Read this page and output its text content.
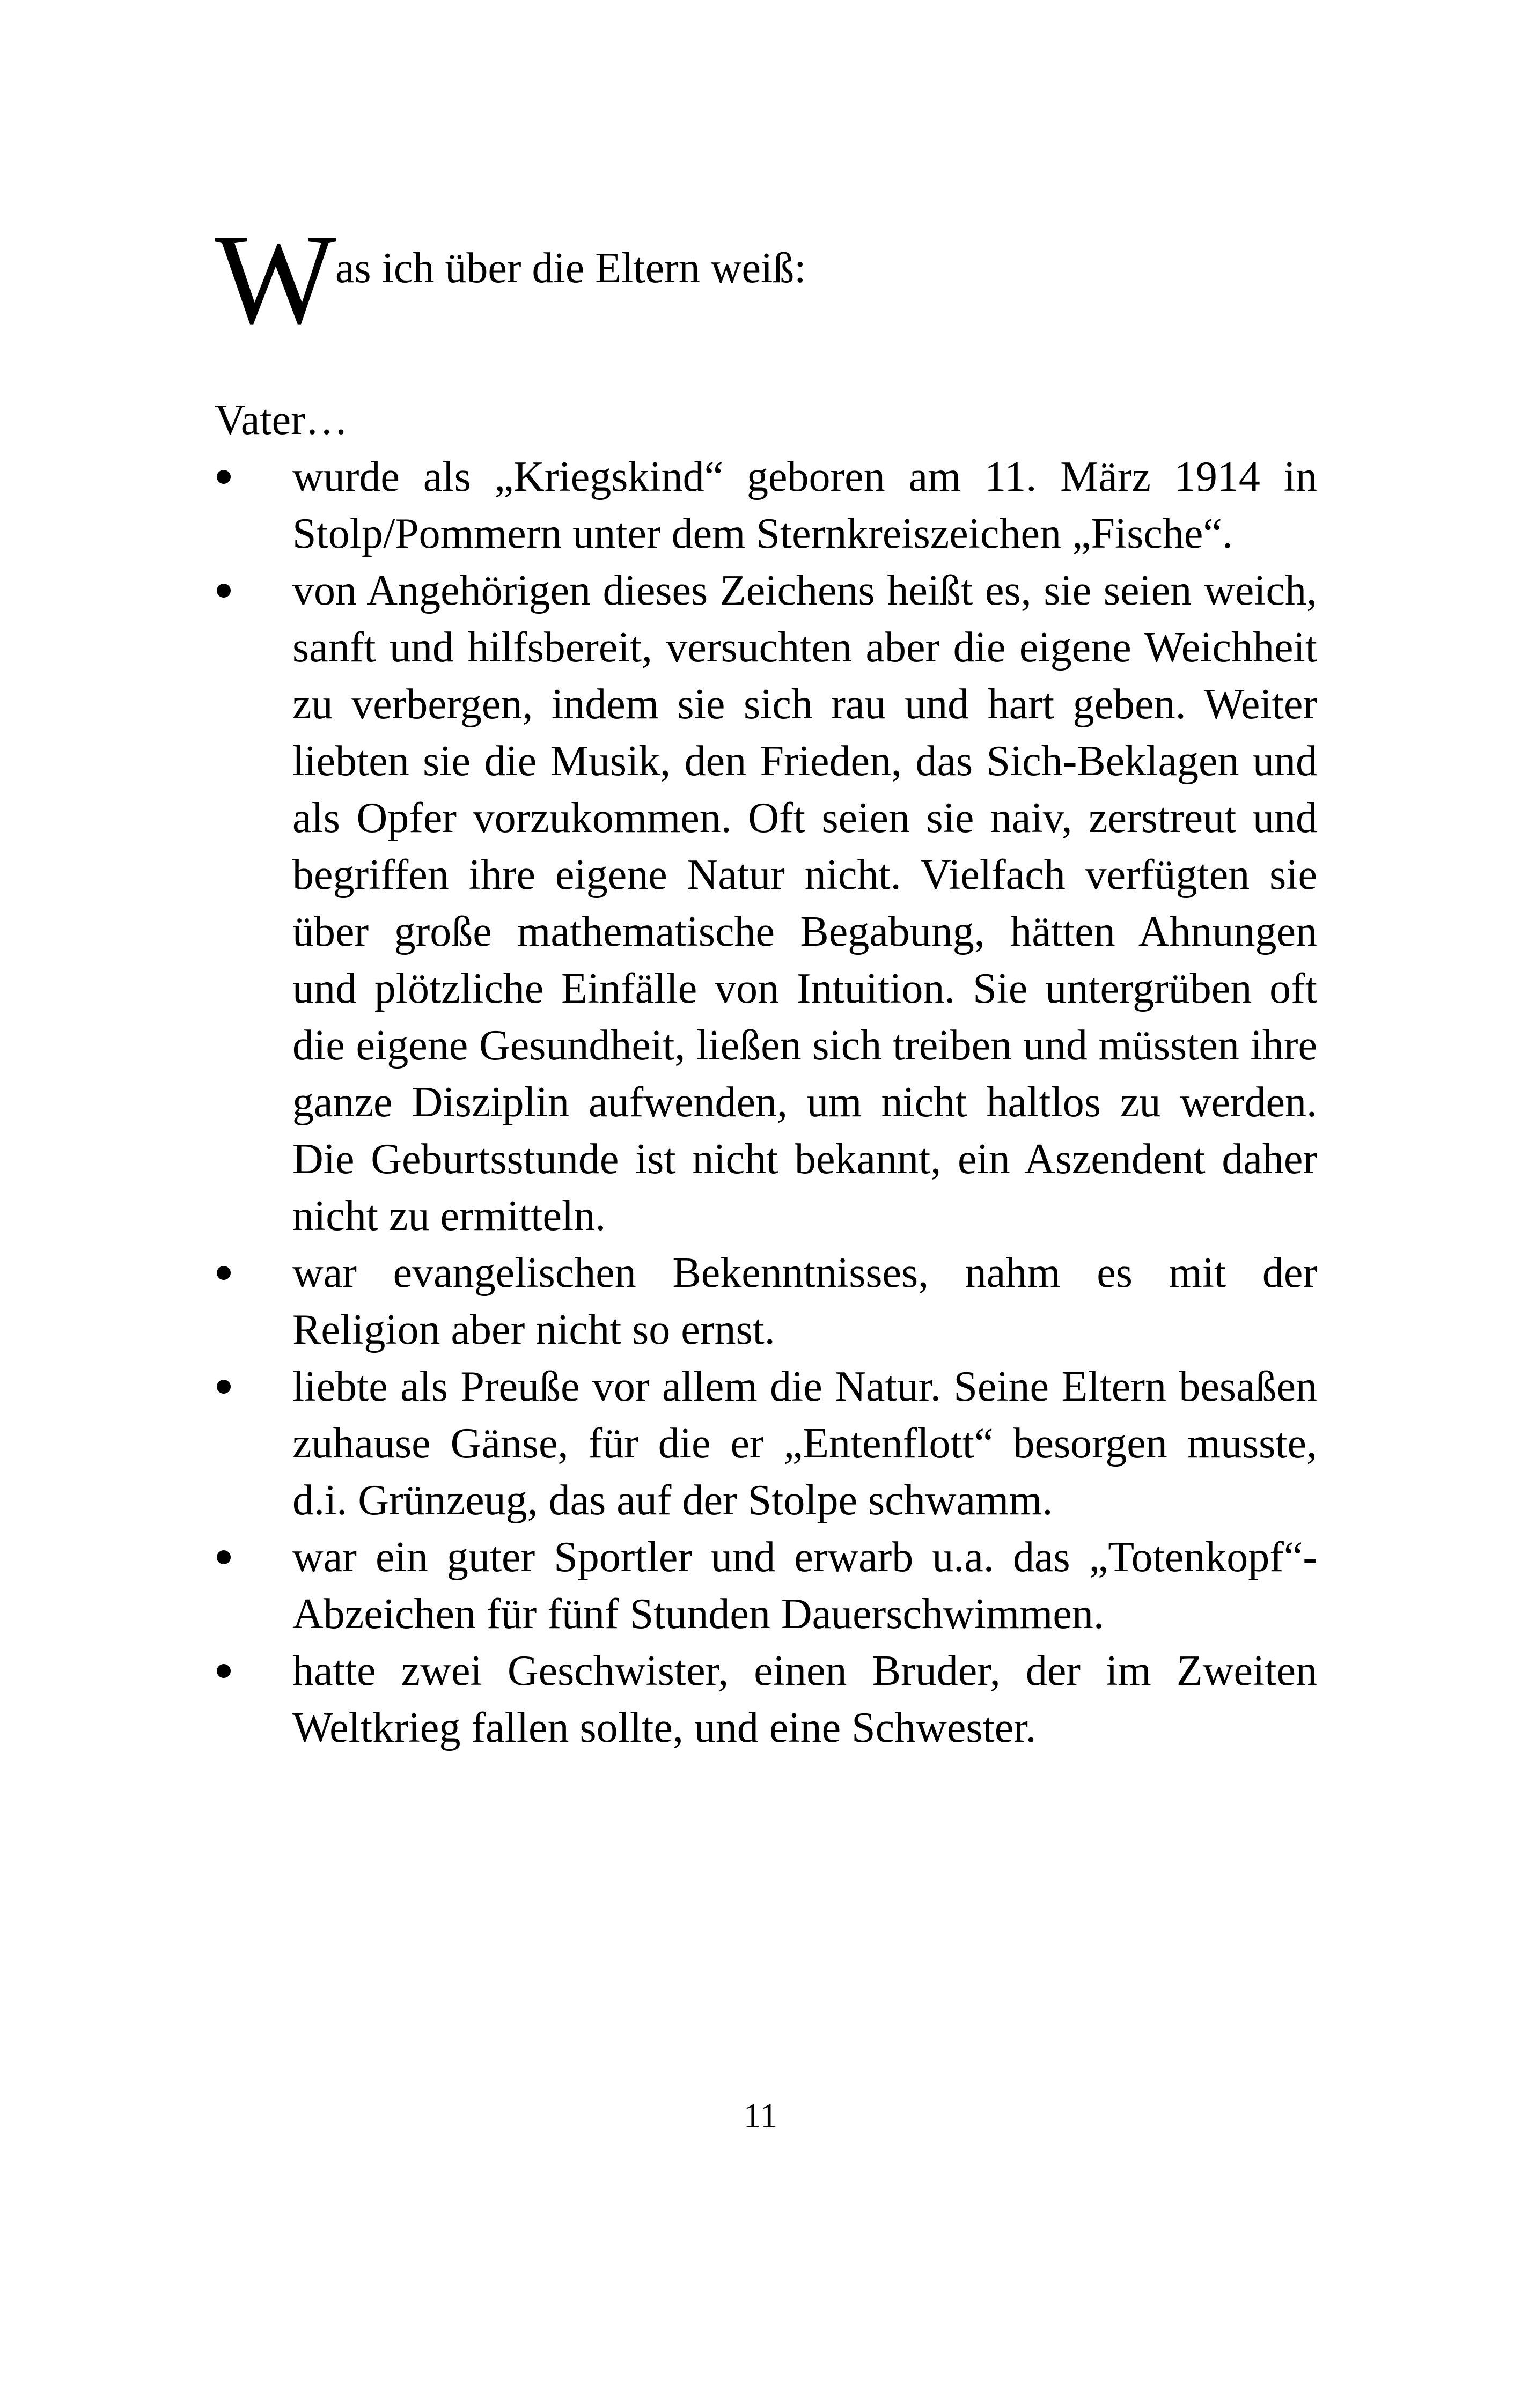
W
as ich über die Eltern weiß:
Vater…
wurde als „Kriegskind“ geboren am 11. März 1914 in Stolp/Pommern unter dem Sternkreiszeichen „Fische“.
von Angehörigen dieses Zeichens heißt es, sie seien weich, sanft und hilfsbereit, versuchten aber die eigene Weichheit zu verbergen, indem sie sich rau und hart geben. Weiter liebten sie die Musik, den Frieden, das Sich-Beklagen und als Opfer vorzukommen. Oft seien sie naiv, zerstreut und begriffen ihre eigene Natur nicht. Vielfach verfügten sie über große mathematische Begabung, hätten Ahnungen und plötzliche Einfälle von Intuition. Sie untergrüben oft die eigene Gesundheit, ließen sich treiben und müssten ihre ganze Disziplin aufwenden, um nicht haltlos zu werden. Die Geburtsstunde ist nicht bekannt, ein Aszendent daher nicht zu ermitteln.
war evangelischen Bekenntnisses, nahm es mit der Religion aber nicht so ernst.
liebte als Preuße vor allem die Natur. Seine Eltern besaßen zuhause Gänse, für die er „Entenflott“ besorgen musste, d.i. Grünzeug, das auf der Stolpe schwamm.
war ein guter Sportler und erwarb u.a. das „Totenkopf“-Abzeichen für fünf Stunden Dauerschwimmen.
hatte zwei Geschwister, einen Bruder, der im Zweiten Weltkrieg fallen sollte, und eine Schwester.
11
